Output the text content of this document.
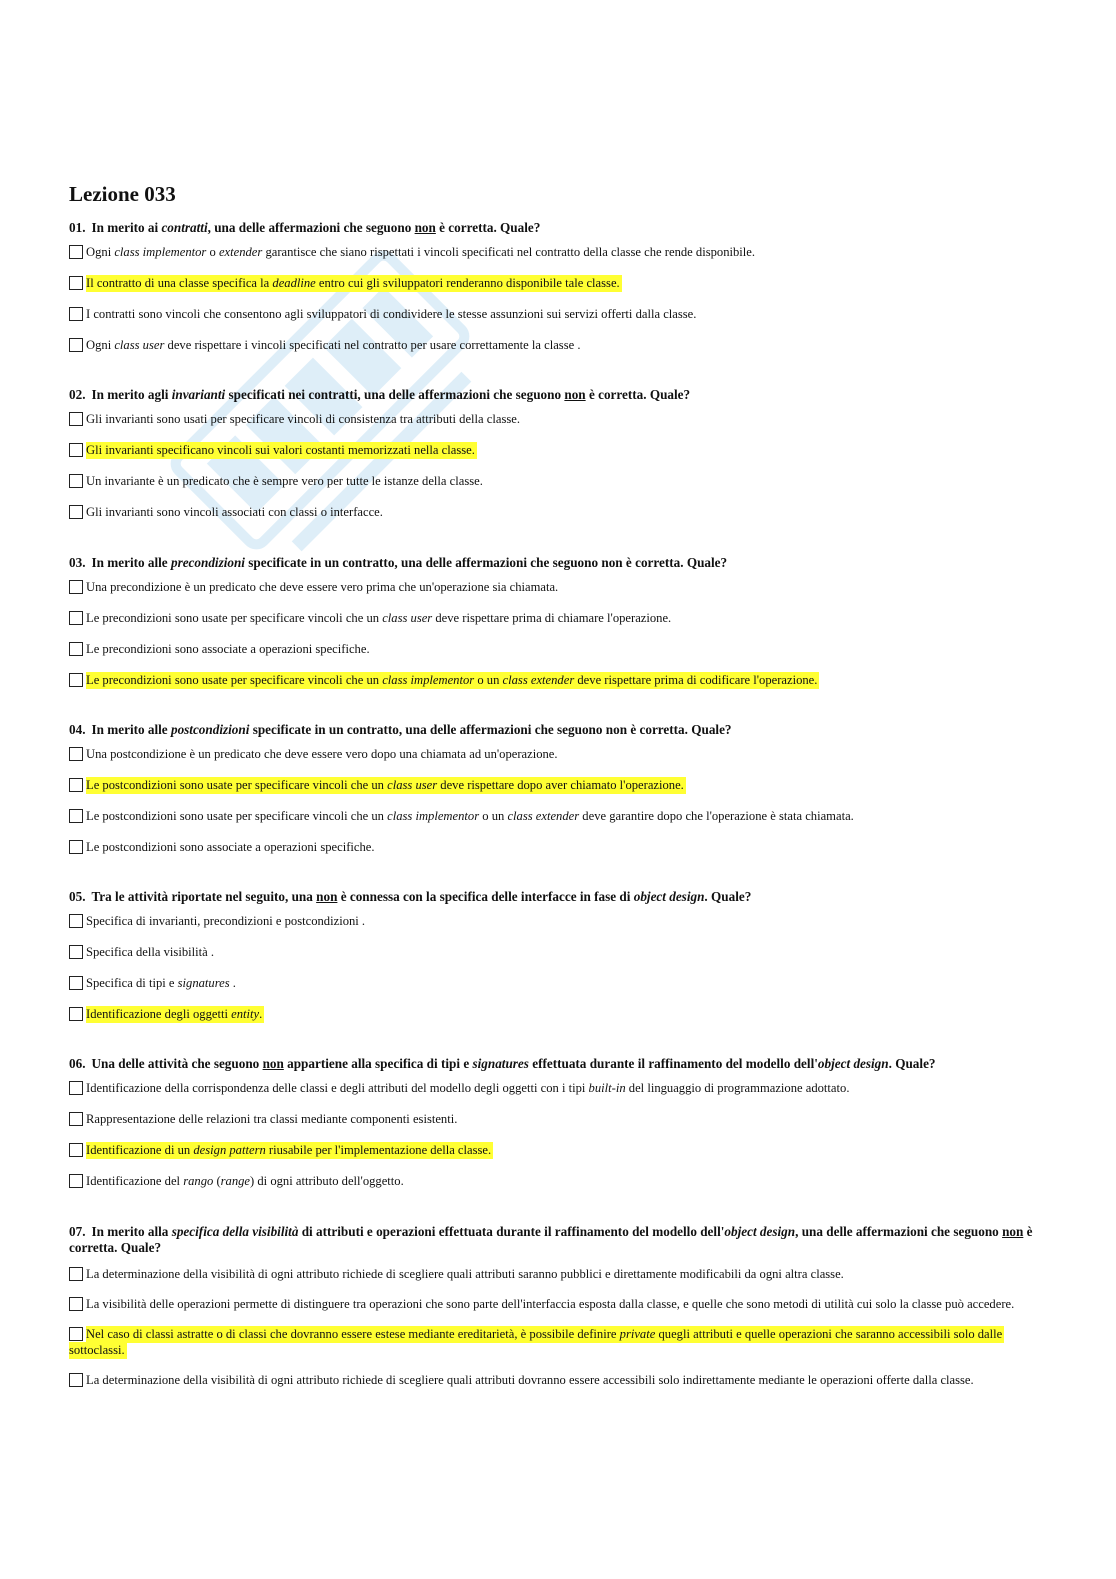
Lezione 033

01. In merito ai contratti, una delle affermazioni che seguono non è corretta. Quale?

Ogni class implementor o extender garantisce che siano rispettati i vincoli specificati nel contratto della classe che rende disponibile.
Il contratto di una classe specifica la deadline entro cui gli sviluppatori renderanno disponibile tale classe.
I contratti sono vincoli che consentono agli sviluppatori di condividere le stesse assunzioni sui servizi offerti dalla classe.
Ogni class user deve rispettare i vincoli specificati nel contratto per usare correttamente la classe .

02. In merito agli invarianti specificati nei contratti, una delle affermazioni che seguono non è corretta. Quale?

Gli invarianti sono usati per specificare vincoli di consistenza tra attributi della classe.
Gli invarianti specificano vincoli sui valori costanti memorizzati nella classe.
Un invariante è un predicato che è sempre vero per tutte le istanze della classe.
Gli invarianti sono vincoli associati con classi o interfacce.

03. In merito alle precondizioni specificate in un contratto, una delle affermazioni che seguono non è corretta. Quale?

Una precondizione è un predicato che deve essere vero prima che un'operazione sia chiamata.
Le precondizioni sono usate per specificare vincoli che un class user deve rispettare prima di chiamare l'operazione.
Le precondizioni sono associate a operazioni specifiche.
Le precondizioni sono usate per specificare vincoli che un class implementor o un class extender deve rispettare prima di codificare l'operazione.

04. In merito alle postcondizioni specificate in un contratto, una delle affermazioni che seguono non è corretta. Quale?

Una postcondizione è un predicato che deve essere vero dopo una chiamata ad un'operazione.
Le postcondizioni sono usate per specificare vincoli che un class user deve rispettare dopo aver chiamato l'operazione.
Le postcondizioni sono usate per specificare vincoli che un class implementor o un class extender deve garantire dopo che l'operazione è stata chiamata.
Le postcondizioni sono associate a operazioni specifiche.

05. Tra le attività riportate nel seguito, una non è connessa con la specifica delle interfacce in fase di object design. Quale?

Specifica di invarianti, precondizioni e postcondizioni .
Specifica della visibilità .
Specifica di tipi e signatures .
Identificazione degli oggetti entity.

06. Una delle attività che seguono non appartiene alla specifica di tipi e signatures effettuata durante il raffinamento del modello dell'object design. Quale?

Identificazione della corrispondenza delle classi e degli attributi del modello degli oggetti con i tipi built-in del linguaggio di programmazione adottato.
Rappresentazione delle relazioni tra classi mediante componenti esistenti.
Identificazione di un design pattern riusabile per l'implementazione della classe.
Identificazione del rango (range) di ogni attributo dell'oggetto.

07. In merito alla specifica della visibilità di attributi e operazioni effettuata durante il raffinamento del modello dell'object design, una delle affermazioni che seguono non è corretta. Quale?

La determinazione della visibilità di ogni attributo richiede di scegliere quali attributi saranno pubblici e direttamente modificabili da ogni altra classe.
La visibilità delle operazioni permette di distinguere tra operazioni che sono parte dell'interfaccia esposta dalla classe, e quelle che sono metodi di utilità cui solo la classe può accedere.
Nel caso di classi astratte o di classi che dovranno essere estese mediante ereditarietà, è possibile definire private quegli attributi e quelle operazioni che saranno accessibili solo dalle sottoclassi.
La determinazione della visibilità di ogni attributo richiede di scegliere quali attributi dovranno essere accessibili solo indirettamente mediante le operazioni offerte dalla classe.
